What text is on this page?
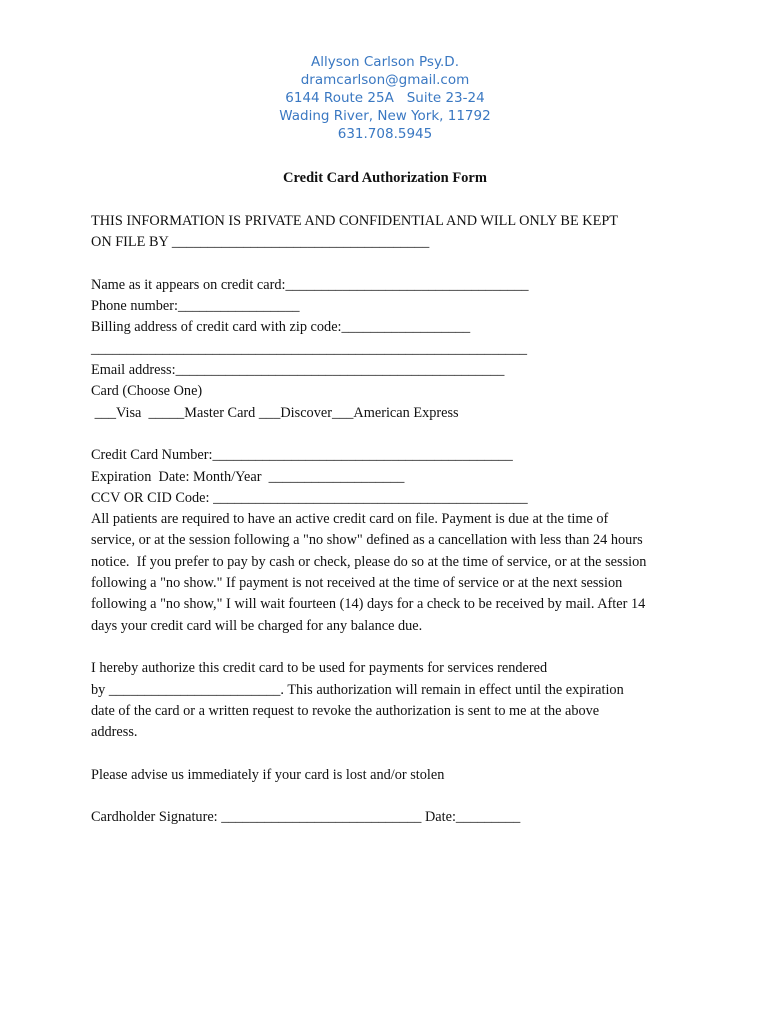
Allyson Carlson Psy.D.
dramcarlson@gmail.com
6144 Route 25A   Suite 23-24
Wading River, New York, 11792
631.708.5945
Credit Card Authorization Form
THIS INFORMATION IS PRIVATE AND CONFIDENTIAL AND WILL ONLY BE KEPT
ON FILE BY ____________________________________
Name as it appears on credit card:__________________________________
Phone number:_________________
Billing address of credit card with zip code:__________________
_____________________________________________________________
Email address:______________________________________________
Card (Choose One)
___Visa  _____Master Card ___Discover___American Express
Credit Card Number:__________________________________________
Expiration  Date: Month/Year  ___________________
CCV OR CID Code: ____________________________________________
All patients are required to have an active credit card on file. Payment is due at the time of
service, or at the session following a "no show" defined as a cancellation with less than 24 hours
notice.  If you prefer to pay by cash or check, please do so at the time of service, or at the session
following a "no show." If payment is not received at the time of service or at the next session
following a "no show," I will wait fourteen (14) days for a check to be received by mail. After 14
days your credit card will be charged for any balance due.
I hereby authorize this credit card to be used for payments for services rendered
by ________________________. This authorization will remain in effect until the expiration
date of the card or a written request to revoke the authorization is sent to me at the above
address.
Please advise us immediately if your card is lost and/or stolen
Cardholder Signature: ____________________________ Date:_________
